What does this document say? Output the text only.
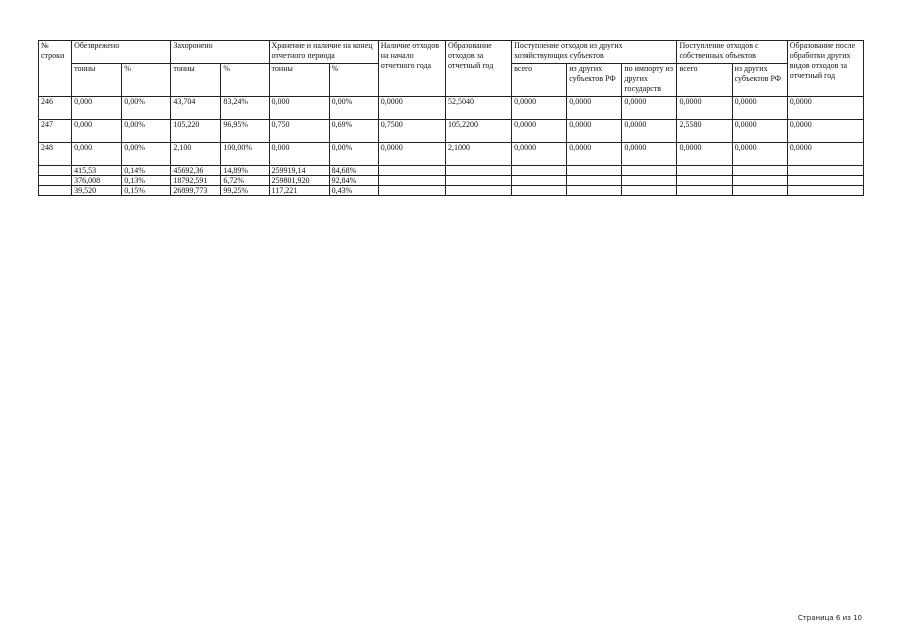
№ строки	Обезврежено		Захоронено		Хранение и наличие на конец отчетного периода		Наличие отходов на начало отчетного года	Образование отходов за отчетный год	Поступление отходов из других хозяйствующих субъектов			Поступление отходов с собственных объектов		Образование после обработки других видов отходов за отчетный год
	тонны	%	тонны	%	тонны	%			всего	из других субъектов РФ	по импорту из других государств	всего	из других субъектов РФ	
246	0,000	0,00%	43,704	83,24%	0,000	0,00%	0,0000	52,5040	0,0000	0,0000	0,0000	0,0000	0,0000	0,0000
247	0,000	0,00%	105,220	96,95%	0,750	0,69%	0,7500	105,2200	0,0000	0,0000	0,0000	2,5580	0,0000	0,0000
248	0,000	0,00%	2,100	100,00%	0,000	0,00%	0,0000	2,1000	0,0000	0,0000	0,0000	0,0000	0,0000	0,0000
	415,53	0,14%	45692,36	14,89%	259919,14	84,68%								
	376,008	0,13%	18792,591	6,72%	259801,920	92,84%								
	39,520	0,15%	26899,773	99,25%	117,221	0,43%								
Страница 6 из 10
